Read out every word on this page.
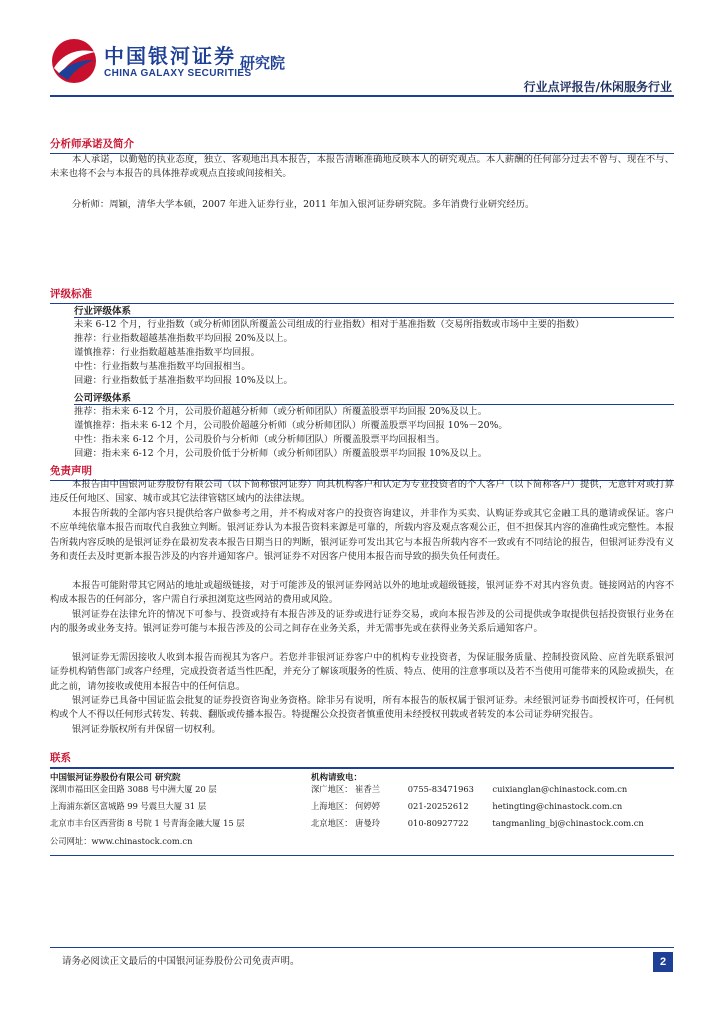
中国银河证券
CHINA GALAXY SECURITIES
研究院
行业点评报告/休闲服务行业
分析师承诺及简介
本人承诺，以勤勉的执业态度，独立、客观地出具本报告，本报告清晰准确地反映本人的研究观点。本人薪酬的任何部分过去不曾与、现在不与、未来也将不会与本报告的具体推荐或观点直接或间接相关。
分析师：周颖，清华大学本硕，2007 年进入证券行业，2011 年加入银河证券研究院。多年消费行业研究经历。
评级标准
行业评级体系
未来 6-12 个月，行业指数（或分析师团队所覆盖公司组成的行业指数）相对于基准指数（交易所指数或市场中主要的指数）
推荐：行业指数超越基准指数平均回报 20%及以上。
谨慎推荐：行业指数超越基准指数平均回报。
中性：行业指数与基准指数平均回报相当。
回避：行业指数低于基准指数平均回报 10%及以上。
公司评级体系
推荐：指未来 6-12 个月，公司股价超越分析师（或分析师团队）所覆盖股票平均回报 20%及以上。
谨慎推荐：指未来 6-12 个月，公司股价超越分析师（或分析师团队）所覆盖股票平均回报 10%－20%。
中性：指未来 6-12 个月，公司股价与分析师（或分析师团队）所覆盖股票平均回报相当。
回避：指未来 6-12 个月，公司股价低于分析师（或分析师团队）所覆盖股票平均回报 10%及以上。
免责声明
本报告由中国银河证券股份有限公司（以下简称银河证券）向其机构客户和认定为专业投资者的个人客户（以下简称客户）提供，无意针对或打算违反任何地区、国家、城市或其它法律管辖区域内的法律法规。
本报告所载的全部内容只提供给客户做参考之用，并不构成对客户的投资咨询建议，并非作为买卖、认购证券或其它金融工具的邀请或保证。客户不应单纯依靠本报告而取代自我独立判断。银河证券认为本报告资料来源是可靠的，所载内容及观点客观公正，但不担保其内容的准确性或完整性。本报告所载内容反映的是银河证券在最初发表本报告日期当日的判断，银河证券可发出其它与本报告所载内容不一致或有不同结论的报告，但银河证券没有义务和责任去及时更新本报告涉及的内容并通知客户。银河证券不对因客户使用本报告而导致的损失负任何责任。
本报告可能附带其它网站的地址或超级链接，对于可能涉及的银河证券网站以外的地址或超级链接，银河证券不对其内容负责。链接网站的内容不构成本报告的任何部分，客户需自行承担浏览这些网站的费用或风险。
银河证券在法律允许的情况下可参与、投资或持有本报告涉及的证券或进行证券交易，或向本报告涉及的公司提供或争取提供包括投资银行业务在内的服务或业务支持。银河证券可能与本报告涉及的公司之间存在业务关系，并无需事先或在获得业务关系后通知客户。
银河证券无需因接收人收到本报告而视其为客户。若您并非银河证券客户中的机构专业投资者，为保证服务质量、控制投资风险、应首先联系银河证券机构销售部门或客户经理，完成投资者适当性匹配，并充分了解该项服务的性质、特点、使用的注意事项以及若不当使用可能带来的风险或损失，在此之前，请勿接收或使用本报告中的任何信息。
银河证券已具备中国证监会批复的证券投资咨询业务资格。除非另有说明，所有本报告的版权属于银河证券。未经银河证券书面授权许可，任何机构或个人不得以任何形式转发、转载、翻版或传播本报告。特提醒公众投资者慎重使用未经授权刊载或者转发的本公司证券研究报告。
银河证券版权所有并保留一切权利。
联系
中国银河证券股份有限公司 研究院
深圳市福田区金田路 3088 号中洲大厦 20 层
上海浦东新区富城路 99 号震旦大厦 31 层
北京市丰台区西营街 8 号院 1 号青海金融大厦 15 层
公司网址：www.chinastock.com.cn
机构请致电：
深广地区： 崔香兰	0755-83471963 cuixianglan@chinastock.com.cn
上海地区： 何婷婷	021-20252612	hetingting@chinastock.com.cn
北京地区： 唐曼玲	010-80927722	tangmanling_bj@chinastock.com.cn
请务必阅读正文最后的中国银河证券股份公司免责声明。	2
